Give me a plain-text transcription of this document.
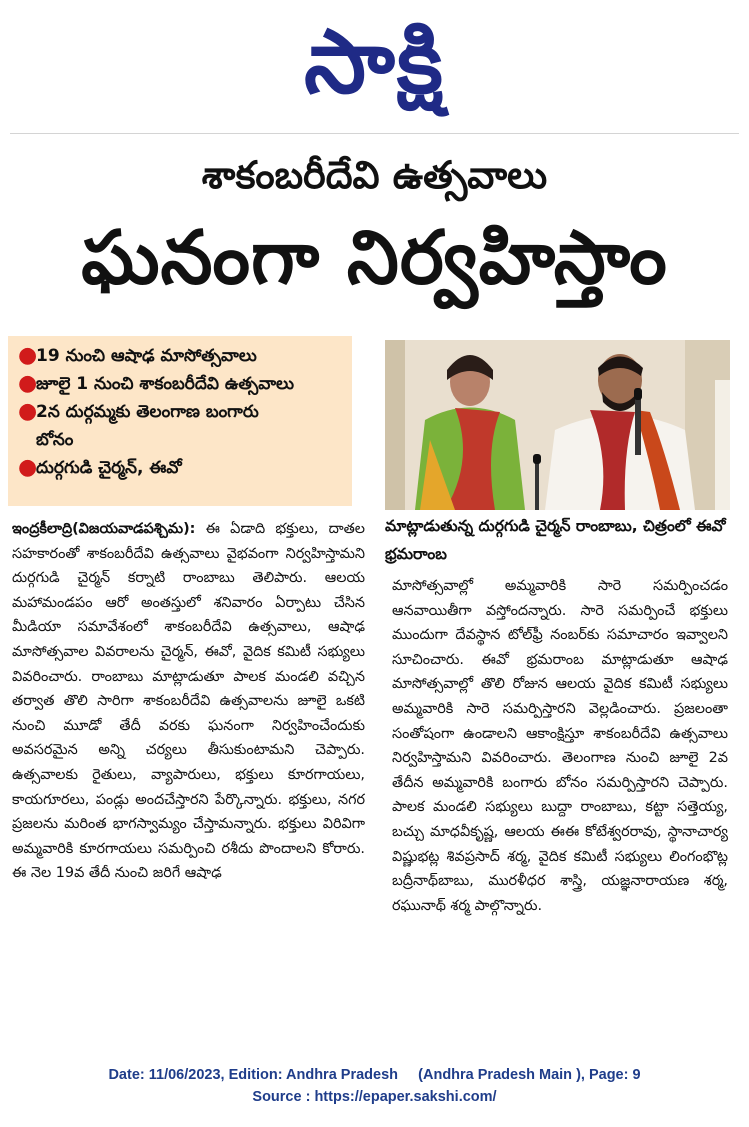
సాక్షి
శాకంబరీదేవి ఉత్సవాలు
ఘనంగా నిర్వహిస్తాం
●
19 నుంచి ఆషాఢ మాసోత్సవాలు
●
జూలై 1 నుంచి శాకంబరీదేవి ఉత్సవాలు
●
2న దుర్గమ్మకు తెలంగాణ బంగారు బోనం
●
దుర్గగుడి చైర్మన్, ఈవో
మాట్లాడుతున్న దుర్గగుడి చైర్మన్ రాంబాబు, చిత్రంలో ఈవో భ్రమరాంబ
ఇంద్రకీలాద్రి(విజయవాడపశ్చిమ): ఈ ఏడాది భక్తులు, దాతల సహకారంతో శాకంబరీదేవి ఉత్సవాలు వైభవంగా నిర్వహిస్తామని దుర్గగుడి చైర్మన్ కర్నాటి రాంబాబు తెలిపారు. ఆలయ మహామండపం ఆరో అంతస్తులో శనివారం ఏర్పాటు చేసిన మీడియా సమావేశంలో శాకంబరీదేవి ఉత్సవాలు, ఆషాఢ మాసోత్సవాల వివరాలను చైర్మన్, ఈవో, వైదిక కమిటీ సభ్యులు వివరించారు. రాంబాబు మాట్లాడుతూ పాలక మండలి వచ్చిన తర్వాత తొలి సారిగా శాకంబరీదేవి ఉత్సవాలను జూలై ఒకటి నుంచి మూడో తేదీ వరకు ఘనంగా నిర్వహించేందుకు అవసరమైన అన్ని చర్యలు తీసుకుంటామని చెప్పారు. ఉత్సవాలకు రైతులు, వ్యాపారులు, భక్తులు కూరగాయలు, కాయగూరలు, పండ్లు అందచేస్తారని పేర్కొన్నారు. భక్తులు, నగర ప్రజలను మరింత భాగస్వామ్యం చేస్తామన్నారు. భక్తులు విరివిగా అమ్మవారికి కూరగాయలు సమర్పించి రశీదు పొందాలని కోరారు. ఈ నెల 19వ తేదీ నుంచి జరిగే ఆషాఢ
మాసోత్సవాల్లో అమ్మవారికి సారె సమర్పించడం ఆనవాయితీగా వస్తోందన్నారు. సారె సమర్పించే భక్తులు ముందుగా దేవస్థాన టోల్‌ఫ్రీ నంబర్‌కు సమాచారం ఇవ్వాలని సూచించారు. ఈవో భ్రమరాంబ మాట్లాడుతూ ఆషాఢ మాసోత్సవాల్లో తొలి రోజున ఆలయ వైదిక కమిటీ సభ్యులు అమ్మవారికి సారె సమర్పిస్తారని వెల్లడించారు. ప్రజలంతా సంతోషంగా ఉండాలని ఆకాంక్షిస్తూ శాకంబరీదేవి ఉత్సవాలు నిర్వహిస్తామని వివరించారు. తెలంగాణ నుంచి జూలై 2వ తేదీన అమ్మవారికి బంగారు బోనం సమర్పిస్తారని చెప్పారు. పాలక మండలి సభ్యులు బుద్దా రాంబాబు, కట్టా సత్తెయ్య, బచ్చు మాధవీకృష్ణ, ఆలయ ఈఈ కోటేశ్వరరావు, స్థానాచార్య విష్ణుభట్ల శివప్రసాద్ శర్మ, వైదిక కమిటీ సభ్యులు లింగంభొట్ల బద్రీనాథ్‌బాబు, మురళీధర శాస్త్రి, యజ్ఞనారాయణ శర్మ, రఘునాథ్ శర్మ పాల్గొన్నారు.
Date: 11/06/2023, Edition: Andhra Pradesh     (Andhra Pradesh Main ), Page: 9
Source : https://epaper.sakshi.com/
